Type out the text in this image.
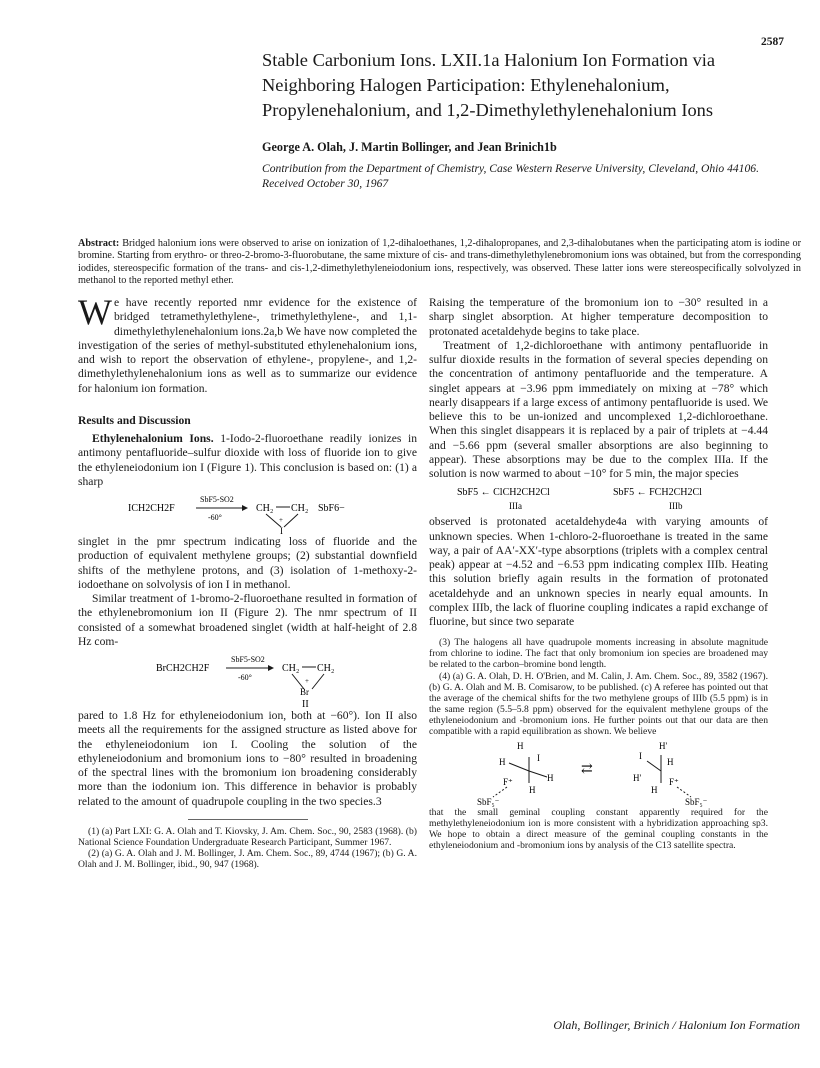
2587
Stable Carbonium Ions. LXII.1a Halonium Ion Formation via Neighboring Halogen Participation: Ethylenehalonium, Propylenehalonium, and 1,2-Dimethylethylenehalonium Ions
George A. Olah, J. Martin Bollinger, and Jean Brinich1b
Contribution from the Department of Chemistry, Case Western Reserve University, Cleveland, Ohio 44106. Received October 30, 1967
Abstract: Bridged halonium ions were observed to arise on ionization of 1,2-dihaloethanes, 1,2-dihalopropanes, and 2,3-dihalobutanes when the participating atom is iodine or bromine. Starting from erythro- or threo-2-bromo-3-fluorobutane, the same mixture of cis- and trans-dimethylethylenebromonium ions was obtained, but from the corresponding iodides, stereospecific formation of the trans- and cis-1,2-dimethylethyleneiodonium ions, respectively, was observed. These latter ions were stereospecifically solvolyzed in methanol to the reported methyl ether.

We have recently reported nmr evidence for the existence of bridged tetramethylethylene-, trimethylethylene-, and 1,1-dimethylethylenehalonium ions.2a,b We have now completed the investigation of the series of methyl-substituted ethylenehalonium ions, and wish to report the observation of ethylene-, propylene-, and 1,2-dimethylethylenehalonium ions as well as to summarize our evidence for halonium ion formation.

Results and Discussion

Ethylenehalonium Ions. 1-Iodo-2-fluoroethane readily ionizes in antimony pentafluoride–sulfur dioxide with loss of fluoride ion to give the ethyleneiodonium ion I (Figure 1). This conclusion is based on: (1) a sharp

ICH2CH2F
SbF5-SO2
-60°
CH₂ CH₂
+
I
SbF6−

singlet in the pmr spectrum indicating loss of fluoride and the production of equivalent methylene groups; (2) substantial downfield shifts of the methylene protons, and (3) isolation of 1-methoxy-2-iodoethane on solvolysis of ion I in methanol.

Similar treatment of 1-bromo-2-fluoroethane resulted in formation of the ethylenebromonium ion II (Figure 2). The nmr spectrum of II consisted of a somewhat broadened singlet (width at half-height of 2.8 Hz com-

BrCH2CH2F
SbF5-SO2
-60°
CH₂ CH₂
+
Br
II

pared to 1.8 Hz for ethyleneiodonium ion, both at −60°). Ion II also meets all the requirements for the assigned structure as listed above for the ethyleneiodonium ion I. Cooling the solution of the ethyleneiodonium and bromonium ions to −80° resulted in broadening of the spectral lines with the bromonium ion broadening considerably more than the iodonium ion. This difference in behavior is probably related to the amount of quadrupole coupling in the two species.3

(1) (a) Part LXI: G. A. Olah and T. Kiovsky, J. Am. Chem. Soc., 90, 2583 (1968). (b) National Science Foundation Undergraduate Research Participant, Summer 1967.

(2) (a) G. A. Olah and J. M. Bollinger, J. Am. Chem. Soc., 89, 4744 (1967); (b) G. A. Olah and J. M. Bollinger, ibid., 90, 947 (1968).

Raising the temperature of the bromonium ion to −30° resulted in a sharp singlet absorption. At higher temperature decomposition to protonated acetaldehyde begins to take place.

Treatment of 1,2-dichloroethane with antimony pentafluoride in sulfur dioxide results in the formation of several species depending on the concentration of antimony pentafluoride and the temperature. A singlet appears at −3.96 ppm immediately on mixing at −78° which nearly disappears if a large excess of antimony pentafluoride is used. We believe this to be un-ionized and uncomplexed 1,2-dichloroethane. When this singlet disappears it is replaced by a pair of triplets at −4.44 and −5.66 ppm (several smaller absorptions are also beginning to appear). These absorptions may be due to the complex IIIa. If the solution is now warmed to about −10° for 5 min, the major species

SbF5 ← ClCH2CH2Cl
IIIa
SbF5 ← FCH2CH2Cl
IIIb

observed is protonated acetaldehyde4a with varying amounts of unknown species. When 1-chloro-2-fluoroethane is treated in the same way, a pair of AA′-XX′-type absorptions (triplets with a complex central peak) appear at −4.52 and −6.53 ppm indicating complex IIIb. Heating this solution briefly again results in the formation of protonated acetaldehyde and an unknown species in nearly equal amounts. In complex IIIb, the lack of fluorine coupling indicates a rapid exchange of fluorine, but since two separate

(3) The halogens all have quadrupole moments increasing in absolute magnitude from chlorine to iodine. The fact that only bromonium ion species are broadened may be related to the carbon–bromine bond length.

(4) (a) G. A. Olah, D. H. O'Brien, and M. Calin, J. Am. Chem. Soc., 89, 3582 (1967). (b) G. A. Olah and M. B. Comisarow, to be published. (c) A referee has pointed out that the average of the chemical shifts for the two methylene groups of IIIb (5.5 ppm) is in the same region (5.5–5.8 ppm) observed for the equivalent methylene groups of the ethyleneiodonium and -bromonium ions. He further points out that our data are then compatible with a rapid equilibration as shown. We believe

H
H	I
H
H
F⁺
SbF₅⁻
⇄
I
H′
H
H′
H
F⁺
SbF₅⁻

that the small geminal coupling constant apparently required for the methylethyleneiodonium ion is more consistent with a hybridization approaching sp3. We hope to obtain a direct measure of the geminal coupling constants in the ethyleneiodonium and -bromonium ions by analysis of the C13 satellite spectra.

Olah, Bollinger, Brinich / Halonium Ion Formation
